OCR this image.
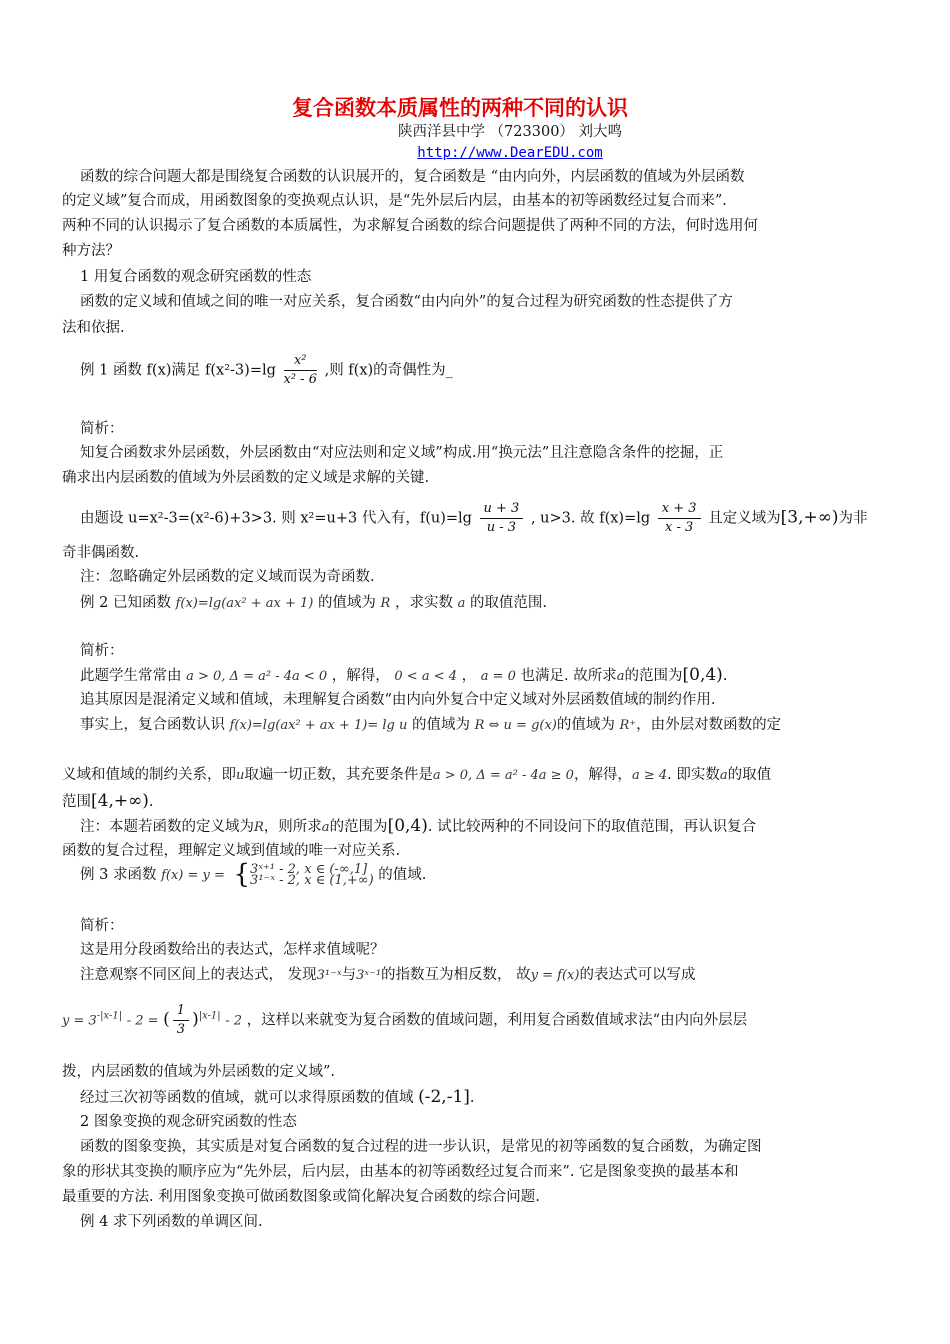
复合函数本质属性的两种不同的认识
陕西洋县中学 （723300） 刘大鸣
http://www.DearEDU.com
函数的综合问题大都是围绕复合函数的认识展开的，复合函数是 “由内向外，内层函数的值域为外层函数
的定义域”复合而成，用函数图象的变换观点认识，是“先外层后内层，由基本的初等函数经过复合而来”.
两种不同的认识揭示了复合函数的本质属性，为求解复合函数的综合问题提供了两种不同的方法，何时选用何
种方法？
1 用复合函数的观念研究函数的性态
函数的定义域和值域之间的唯一对应关系，复合函数“由内向外”的复合过程为研究函数的性态提供了方
法和依据.
例 1 函数 f(x)满足 $f(x^2-3)=\lg \frac{\text{x²}}{\text{x² - 6}}$ ,则 f(x)的奇偶性为_
简析：
知复合函数求外层函数，外层函数由“对应法则和定义域”构成.用“换元法”且注意隐含条件的挖掘，正
确求出内层函数的值域为外层函数的定义域是求解的关键.
由题设 u=x²-3=(x²-6)+3>3. 则 x²=u+3 代入有，$f(u)=\lg \frac{u + 3}{u - 3}$ , u>3. 故 $f(x)=\lg \frac{x + 3}{x - 3}$ 且定义域为[3,+∞)为非
奇非偶函数.
注：忽略确定外层函数的定义域而误为奇函数.
例 2 已知函数 f(x)=lg(ax² + ax + 1) 的值域为 R ，求实数 a 的取值范围.
简析：
此题学生常常由 a > 0, Δ = a² - 4a < 0 ，解得， 0 < a < 4 ， a = 0 也满足. 故所求a的范围为[0,4).
追其原因是混淆定义域和值域，未理解复合函数“由内向外复合中定义域对外层函数值域的制约作用.
事实上，复合函数认识 f(x)=lg(ax² + ax + 1)= lg u 的值域为 R ⇔ u = g(x)的值域为 R⁺，由外层对数函数的定
义域和值域的制约关系，即u取遍一切正数，其充要条件是a > 0, Δ = a² - 4a ≥ 0，解得，a ≥ 4. 即实数a的取值
范围[4,+∞).
注：本题若函数的定义域为R，则所求a的范围为[0,4). 试比较两种的不同设问下的取值范围，再认识复合
函数的复合过程，理解定义域到值域的唯一对应关系.
例 3 求函数 f(x) = y = { 3ˣ⁺¹ - 2, x ∈ (-∞,1]
3¹⁻ˣ - 2, x ∈ (1,+∞) 的值域.
简析：
这是用分段函数给出的表达式，怎样求值域呢？
注意观察不同区间上的表达式， 发现3¹⁻ˣ与3ˣ⁻¹的指数互为相反数， 故y = f(x)的表达式可以写成
$y = 3^{-|x-1|} - 2$ = ( $\frac{1}{3} )^{|x-1|} - 2$ ，这样以来就变为复合函数的值域问题，利用复合函数值域求法“由内向外层层
拨，内层函数的值域为外层函数的定义域”.
经过三次初等函数的值域，就可以求得原函数的值域 (-2,-1].
2 图象变换的观念研究函数的性态
函数的图象变换，其实质是对复合函数的复合过程的进一步认识，是常见的初等函数的复合函数，为确定图
象的形状其变换的顺序应为“先外层，后内层，由基本的初等函数经过复合而来”. 它是图象变换的最基本和
最重要的方法. 利用图象变换可做函数图象或简化解决复合函数的综合问题.
例 4 求下列函数的单调区间.
